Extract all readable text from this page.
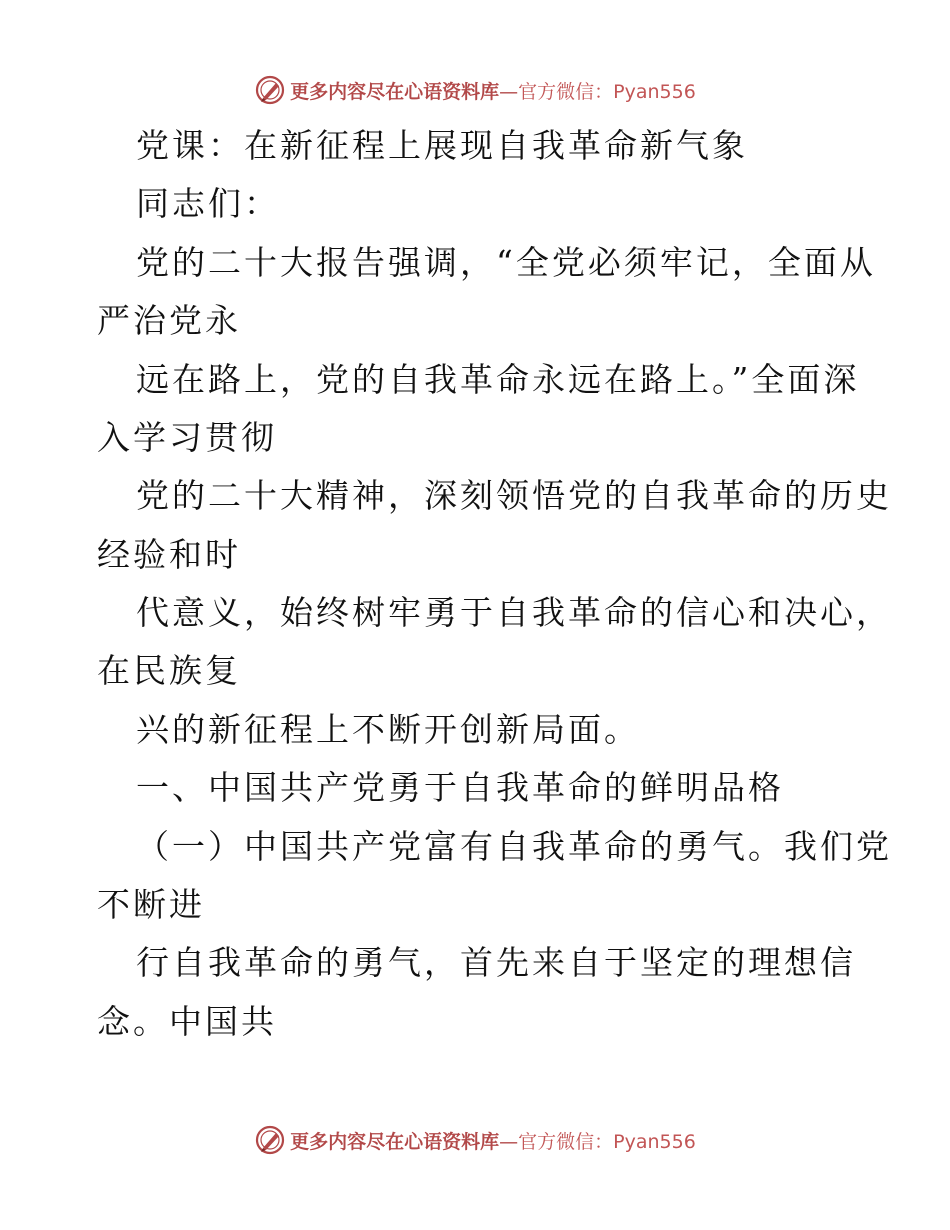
更多内容尽在心语资料库—官方微信：Pyan556
党课：在新征程上展现自我革命新气象
同志们：
党的二十大报告强调，“全党必须牢记，全面从
严治党永
远在路上，党的自我革命永远在路上。”全面深
入学习贯彻
党的二十大精神，深刻领悟党的自我革命的历史
经验和时
代意义，始终树牢勇于自我革命的信心和决心，
在民族复
兴的新征程上不断开创新局面。
一、中国共产党勇于自我革命的鲜明品格
（一）中国共产党富有自我革命的勇气。我们党
不断进
行自我革命的勇气，首先来自于坚定的理想信
念。中国共
更多内容尽在心语资料库—官方微信：Pyan556
